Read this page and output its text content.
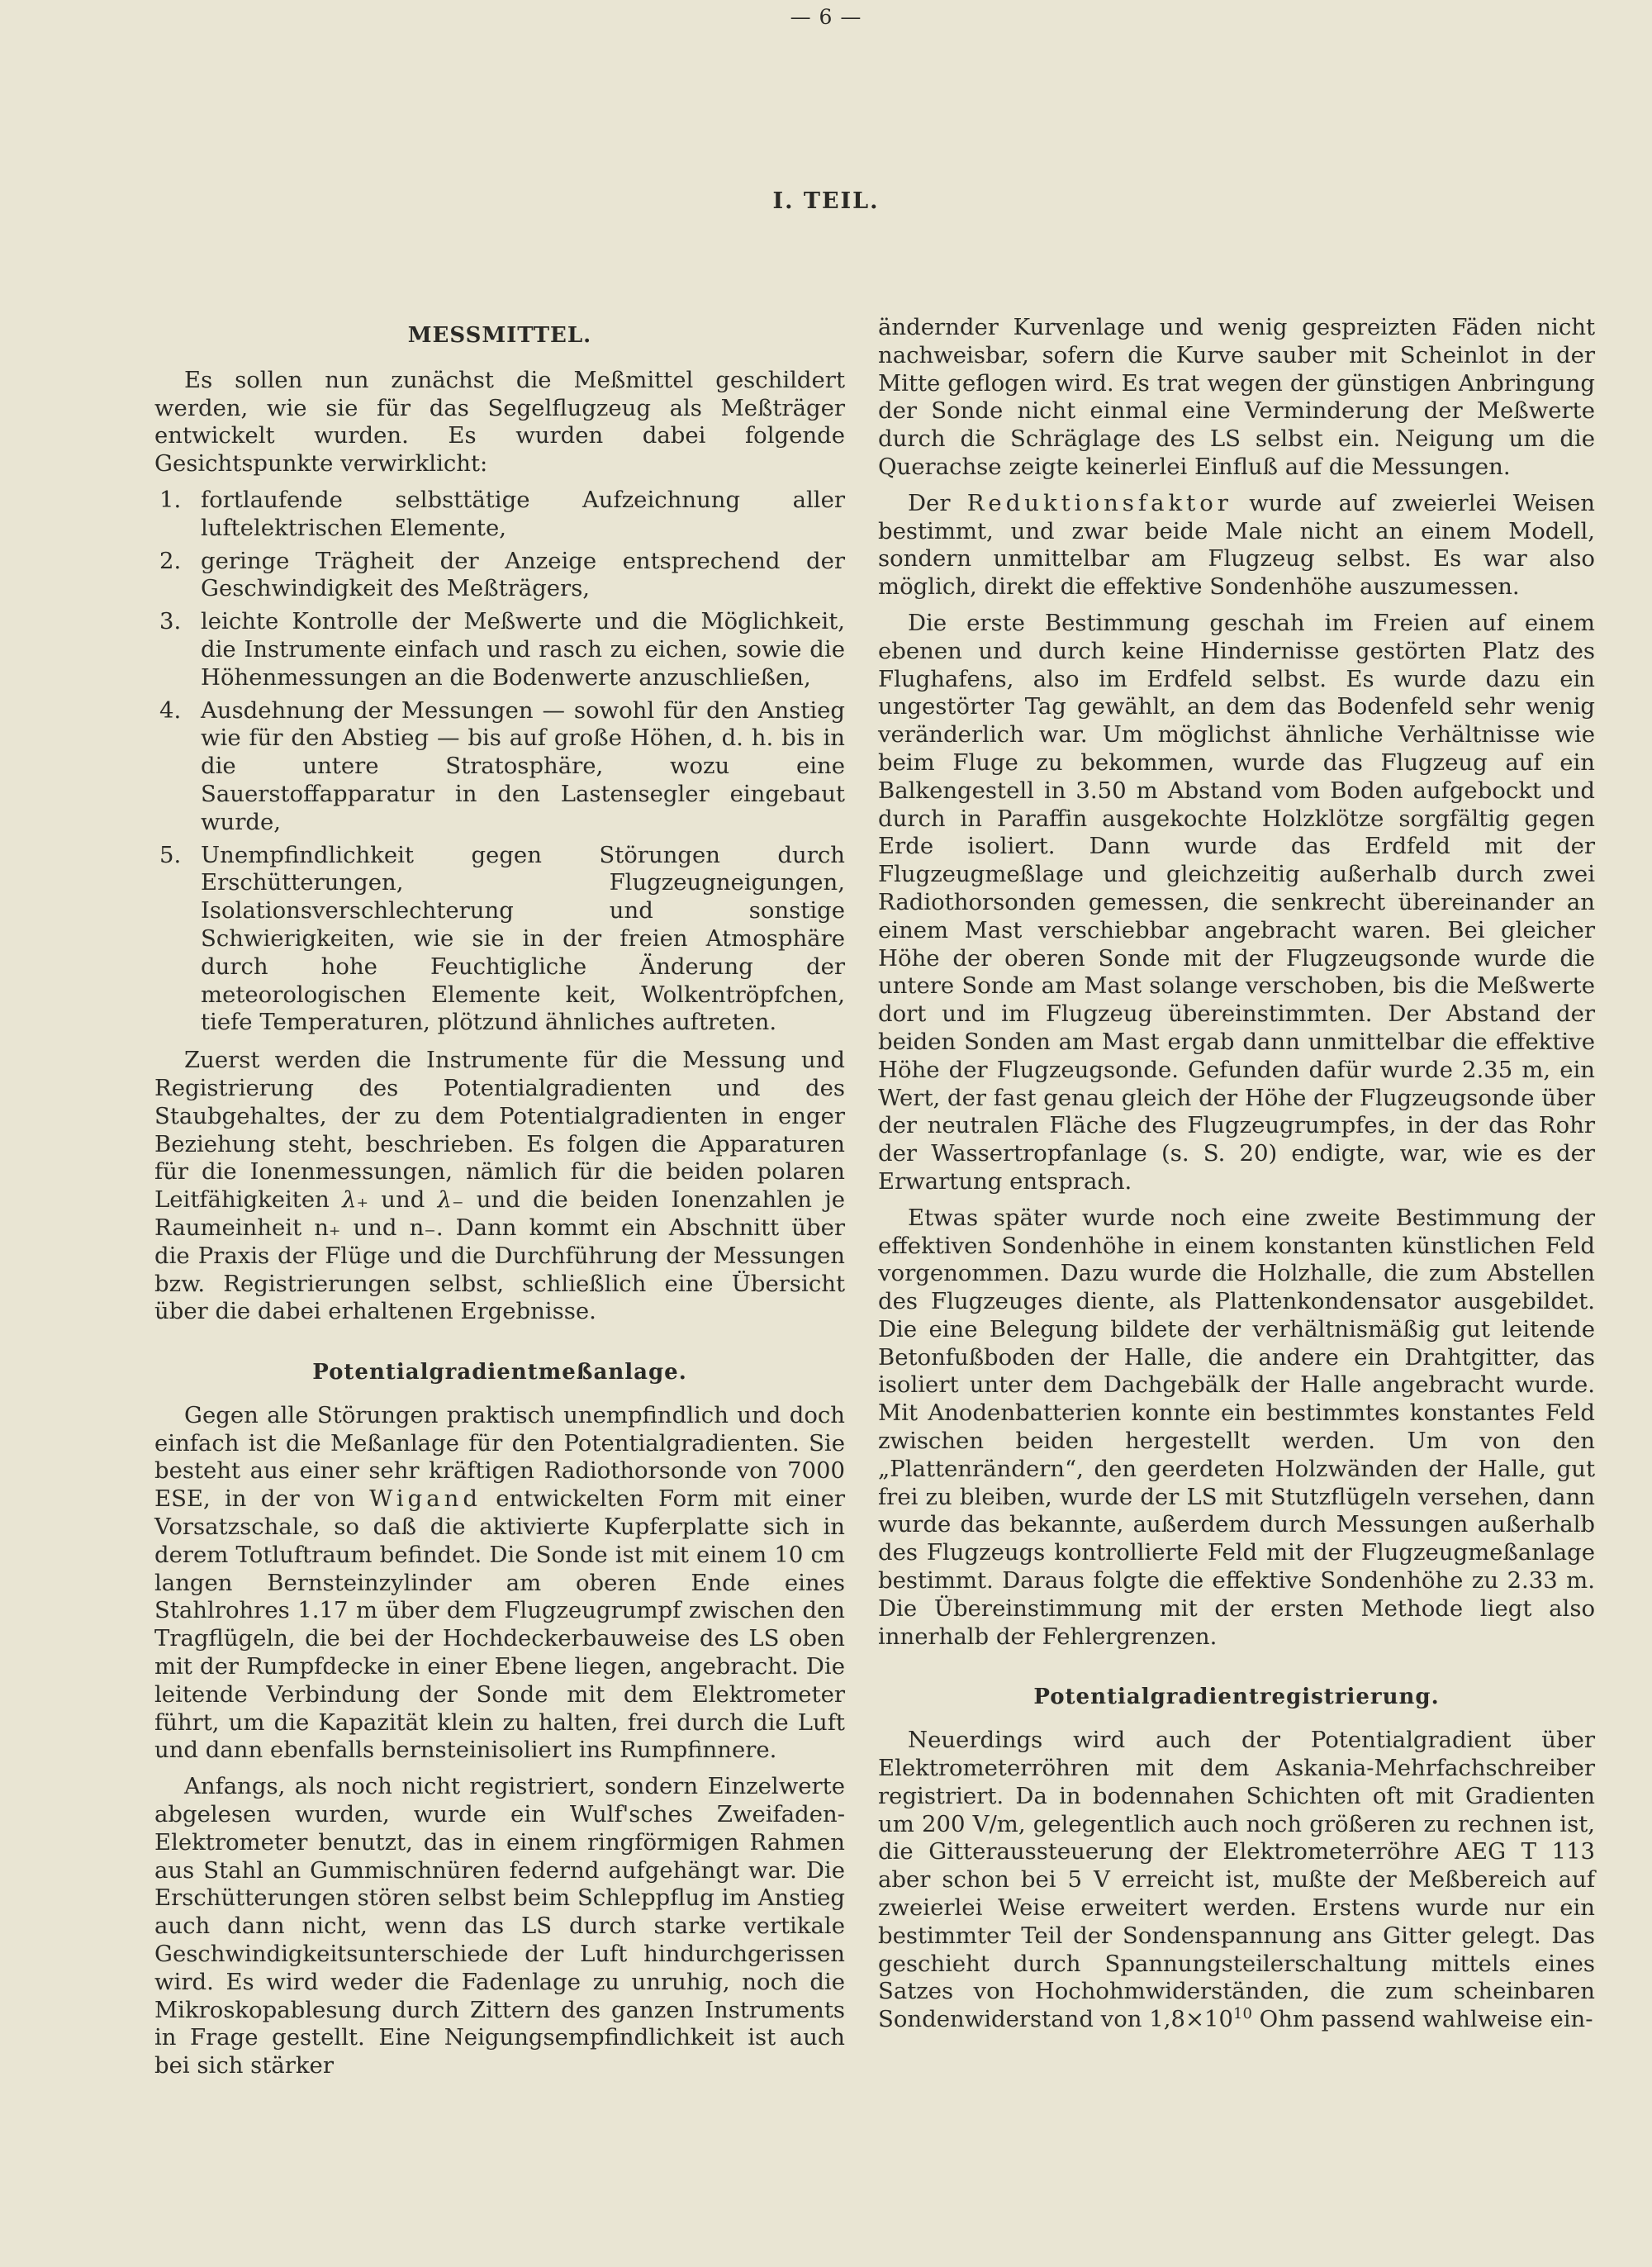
— 6 —
I. TEIL.
MESSMITTEL.

Es sollen nun zunächst die Meßmittel geschildert werden, wie sie für das Segelflugzeug als Meßträger entwickelt wurden. Es wurden dabei folgende Gesichtspunkte verwirklicht:

1. fortlaufende selbsttätige Aufzeichnung aller luftelektrischen Elemente,
2. geringe Trägheit der Anzeige entsprechend der Geschwindigkeit des Meßträgers,
3. leichte Kontrolle der Meßwerte und die Möglichkeit, die Instrumente einfach und rasch zu eichen, sowie die Höhenmessungen an die Bodenwerte anzuschließen,
4. Ausdehnung der Messungen — sowohl für den Anstieg wie für den Abstieg — bis auf große Höhen, d. h. bis in die untere Stratosphäre, wozu eine Sauerstoffapparatur in den Lastensegler eingebaut wurde,
5. Unempfindlichkeit gegen Störungen durch Erschütterungen, Flugzeugneigungen, Isolationsverschlechterung und sonstige Schwierigkeiten, wie sie in der freien Atmosphäre durch hohe Feuchtigliche Änderung der meteorologischen Elemente keit, Wolkentröpfchen, tiefe Temperaturen, plötzund ähnliches auftreten.

Zuerst werden die Instrumente für die Messung und Registrierung des Potentialgradienten und des Staubgehaltes, der zu dem Potentialgradienten in enger Beziehung steht, beschrieben. Es folgen die Apparaturen für die Ionenmessungen, nämlich für die beiden polaren Leitfähigkeiten λ₊ und λ₋ und die beiden Ionenzahlen je Raumeinheit n₊ und n₋. Dann kommt ein Abschnitt über die Praxis der Flüge und die Durchführung der Messungen bzw. Registrierungen selbst, schließlich eine Übersicht über die dabei erhaltenen Ergebnisse.

Potentialgradientmeßanlage.

Gegen alle Störungen praktisch unempfindlich und doch einfach ist die Meßanlage für den Potentialgradienten. Sie besteht aus einer sehr kräftigen Radiothorsonde von 7000 ESE, in der von Wigand entwickelten Form mit einer Vorsatzschale, so daß die aktivierte Kupferplatte sich in derem Totluftraum befindet. Die Sonde ist mit einem 10 cm langen Bernsteinzylinder am oberen Ende eines Stahlrohres 1.17 m über dem Flugzeugrumpf zwischen den Tragflügeln, die bei der Hochdeckerbauweise des LS oben mit der Rumpfdecke in einer Ebene liegen, angebracht. Die leitende Verbindung der Sonde mit dem Elektrometer führt, um die Kapazität klein zu halten, frei durch die Luft und dann ebenfalls bernsteinisoliert ins Rumpfinnere.

Anfangs, als noch nicht registriert, sondern Einzelwerte abgelesen wurden, wurde ein Wulf'sches Zweifaden-Elektrometer benutzt, das in einem ringförmigen Rahmen aus Stahl an Gummischnüren federnd aufgehängt war. Die Erschütterungen stören selbst beim Schleppflug im Anstieg auch dann nicht, wenn das LS durch starke vertikale Geschwindigkeitsunterschiede der Luft hindurchgerissen wird. Es wird weder die Fadenlage zu unruhig, noch die Mikroskopablesung durch Zittern des ganzen Instruments in Frage gestellt. Eine Neigungsempfindlichkeit ist auch bei sich stärker

ändernder Kurvenlage und wenig gespreizten Fäden nicht nachweisbar, sofern die Kurve sauber mit Scheinlot in der Mitte geflogen wird. Es trat wegen der günstigen Anbringung der Sonde nicht einmal eine Verminderung der Meßwerte durch die Schräglage des LS selbst ein. Neigung um die Querachse zeigte keinerlei Einfluß auf die Messungen.

Der Reduktionsfaktor wurde auf zweierlei Weisen bestimmt, und zwar beide Male nicht an einem Modell, sondern unmittelbar am Flugzeug selbst. Es war also möglich, direkt die effektive Sondenhöhe auszumessen.

Die erste Bestimmung geschah im Freien auf einem ebenen und durch keine Hindernisse gestörten Platz des Flughafens, also im Erdfeld selbst. Es wurde dazu ein ungestörter Tag gewählt, an dem das Bodenfeld sehr wenig veränderlich war. Um möglichst ähnliche Verhältnisse wie beim Fluge zu bekommen, wurde das Flugzeug auf ein Balkengestell in 3.50 m Abstand vom Boden aufgebockt und durch in Paraffin ausgekochte Holzklötze sorgfältig gegen Erde isoliert. Dann wurde das Erdfeld mit der Flugzeugmeßlage und gleichzeitig außerhalb durch zwei Radiothorsonden gemessen, die senkrecht übereinander an einem Mast verschiebbar angebracht waren. Bei gleicher Höhe der oberen Sonde mit der Flugzeugsonde wurde die untere Sonde am Mast solange verschoben, bis die Meßwerte dort und im Flugzeug übereinstimmten. Der Abstand der beiden Sonden am Mast ergab dann unmittelbar die effektive Höhe der Flugzeugsonde. Gefunden dafür wurde 2.35 m, ein Wert, der fast genau gleich der Höhe der Flugzeugsonde über der neutralen Fläche des Flugzeugrumpfes, in der das Rohr der Wassertropfanlage (s. S. 20) endigte, war, wie es der Erwartung entsprach.

Etwas später wurde noch eine zweite Bestimmung der effektiven Sondenhöhe in einem konstanten künstlichen Feld vorgenommen. Dazu wurde die Holzhalle, die zum Abstellen des Flugzeuges diente, als Plattenkondensator ausgebildet. Die eine Belegung bildete der verhältnismäßig gut leitende Betonfußboden der Halle, die andere ein Drahtgitter, das isoliert unter dem Dachgebälk der Halle angebracht wurde. Mit Anodenbatterien konnte ein bestimmtes konstantes Feld zwischen beiden hergestellt werden. Um von den „Plattenrändern“, den geerdeten Holzwänden der Halle, gut frei zu bleiben, wurde der LS mit Stutzflügeln versehen, dann wurde das bekannte, außerdem durch Messungen außerhalb des Flugzeugs kontrollierte Feld mit der Flugzeugmeßanlage bestimmt. Daraus folgte die effektive Sondenhöhe zu 2.33 m. Die Übereinstimmung mit der ersten Methode liegt also innerhalb der Fehlergrenzen.

Potentialgradientregistrierung.

Neuerdings wird auch der Potentialgradient über Elektrometerröhren mit dem Askania-Mehrfachschreiber registriert. Da in bodennahen Schichten oft mit Gradienten um 200 V/m, gelegentlich auch noch größeren zu rechnen ist, die Gitteraussteuerung der Elektrometerröhre AEG T 113 aber schon bei 5 V erreicht ist, mußte der Meßbereich auf zweierlei Weise erweitert werden. Erstens wurde nur ein bestimmter Teil der Sondenspannung ans Gitter gelegt. Das geschieht durch Spannungsteilerschaltung mittels eines Satzes von Hochohmwiderständen, die zum scheinbaren Sondenwiderstand von $1,8\times 10^{10}$ Ohm passend wahlweise ein-
